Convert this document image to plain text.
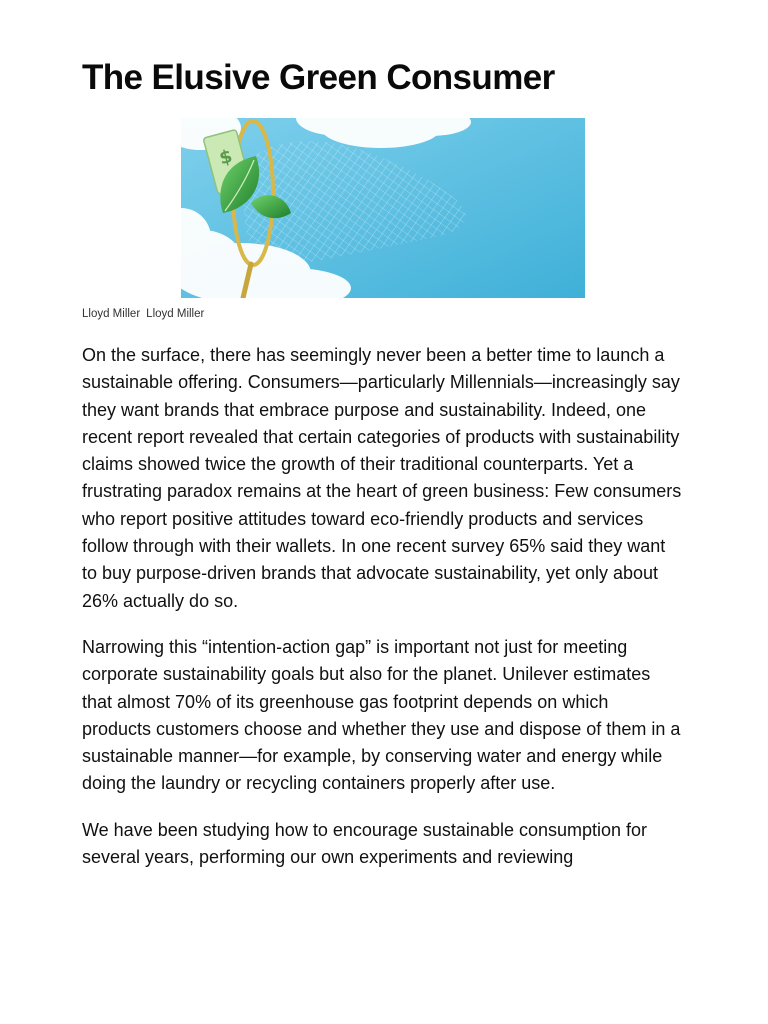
The Elusive Green Consumer
$
Lloyd Miller Lloyd Miller

On the surface, there has seemingly never been a better time to launch a sustainable offering. Consumers—particularly Millennials—increasingly say they want brands that embrace purpose and sustainability. Indeed, one recent report revealed that certain categories of products with sustainability claims showed twice the growth of their traditional counterparts. Yet a frustrating paradox remains at the heart of green business: Few consumers who report positive attitudes toward eco-friendly products and services follow through with their wallets. In one recent survey 65% said they want to buy purpose-driven brands that advocate sustainability, yet only about 26% actually do so.

Narrowing this “intention-action gap” is important not just for meeting corporate sustainability goals but also for the planet. Unilever estimates that almost 70% of its greenhouse gas footprint depends on which products customers choose and whether they use and dispose of them in a sustainable manner—for example, by conserving water and energy while doing the laundry or recycling containers properly after use.

We have been studying how to encourage sustainable consumption for several years, performing our own experiments and reviewing
